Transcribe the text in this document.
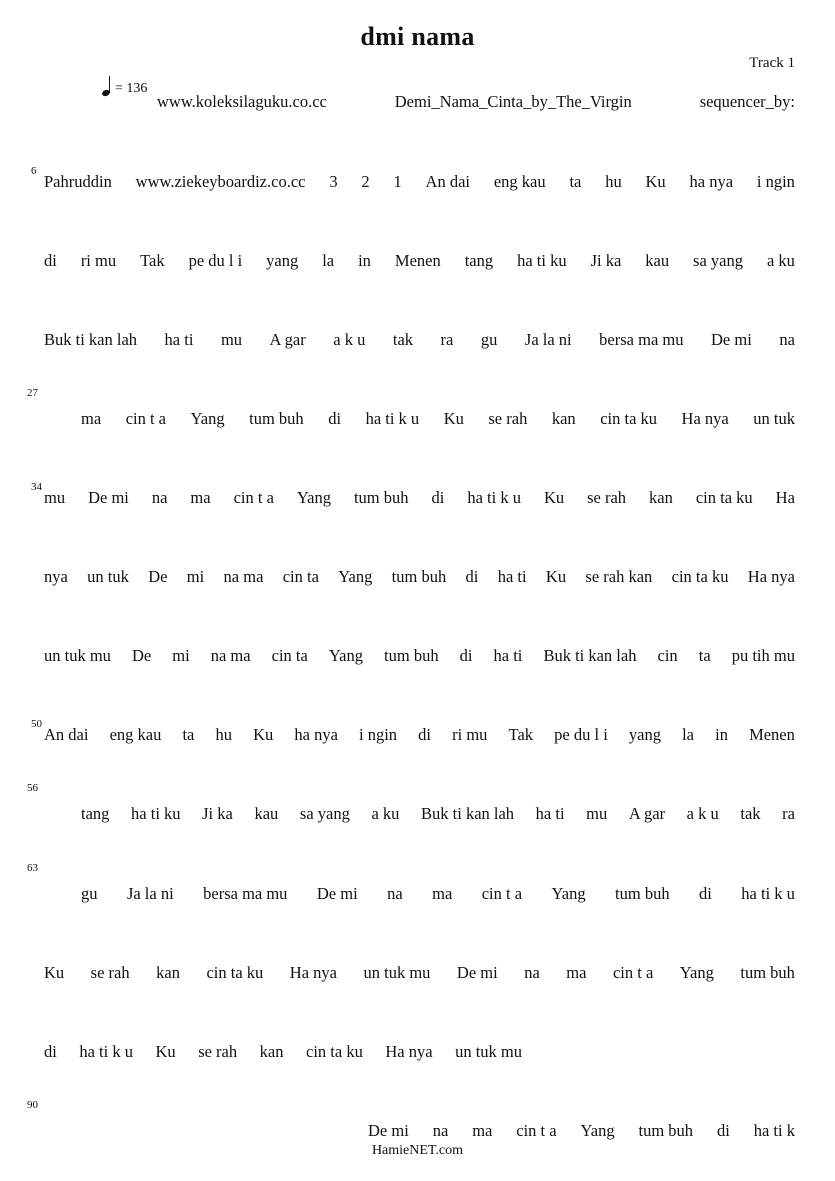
dmi nama
Track 1
= 136
www.koleksilaguku.co.cc	Demi_Nama_Cinta_by_The_Virgin	sequencer_by:
6
Pahruddin www.ziekeyboardiz.co.cc 3 2 1 An dai eng kau ta hu Ku ha nya i ngin
di ri mu Tak pe du l i yang la in Menen tang ha ti ku Ji ka kau sa yang a ku
Buk ti kan lah ha ti mu A gar a k u tak ra gu Ja la ni bersa ma mu De mi na
27
ma cin t a Yang tum buh di ha ti k u Ku se rah kan cin ta ku Ha nya un tuk
34
mu De mi na ma cin t a Yang tum buh di ha ti k u Ku se rah kan cin ta ku Ha
nya un tuk De mi na ma cin ta Yang tum buh di ha ti Ku se rah kan cin ta ku Ha nya
un tuk mu De mi na ma cin ta Yang tum buh di ha ti Buk ti kan lah cin ta pu tih mu
50
An dai eng kau ta hu Ku ha nya i ngin di ri mu Tak pe du l i yang la in Menen
56
tang ha ti ku Ji ka kau sa yang a ku Buk ti kan lah ha ti mu A gar a k u tak ra
63
gu Ja la ni bersa ma mu De mi na ma cin t a Yang tum buh di ha ti k u
Ku se rah kan cin ta ku Ha nya un tuk mu De mi na ma cin t a Yang tum buh
di ha ti k u Ku se rah kan cin ta ku Ha nya un tuk mu
90
De mi na ma cin t a Yang tum buh di ha ti k
HamieNET.com
